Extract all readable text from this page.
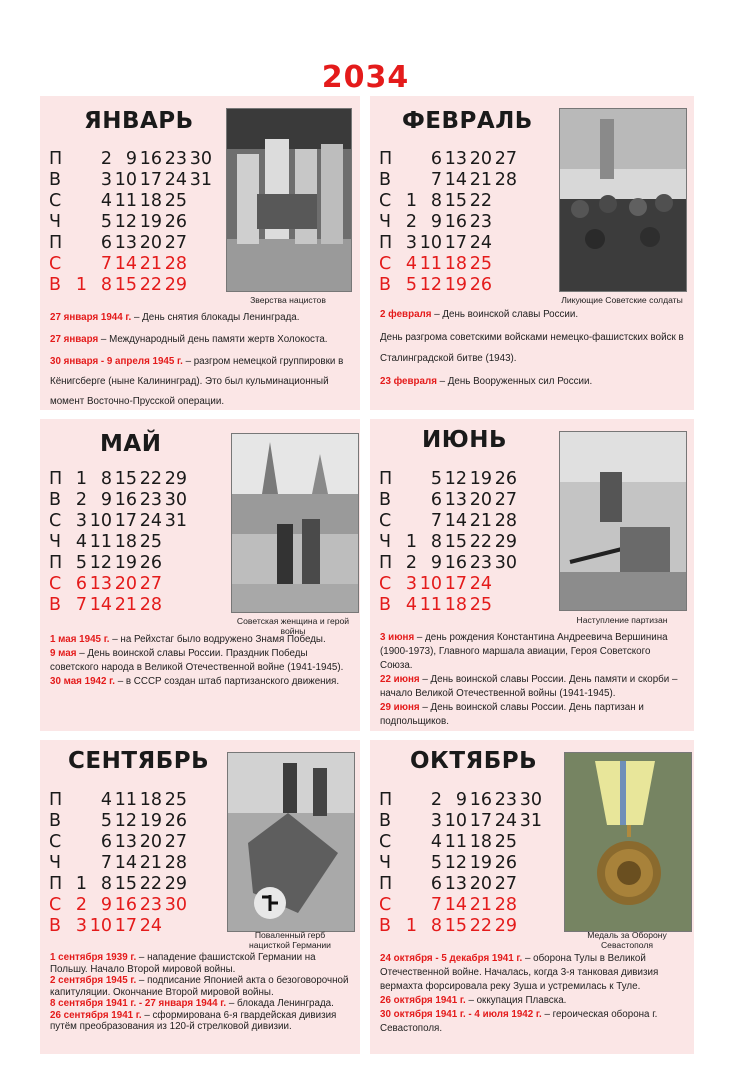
2034
ЯНВАРЬ
П 2 9 16 23 30
В 3 10 17 24 31
С 4 11 18 25
Ч 5 12 19 26
П 6 13 20 27
С 7 14 21 28
В 1 8 15 22 29
Зверства нацистов

27 января 1944 г. – День снятия блокады Ленинграда.

27 января – Международный день памяти жертв Холокоста.

30 января - 9 апреля 1945 г. – разгром немецкой группировки в Кёнигсберге (ныне Калининград). Это был кульминационный момент Восточно-Прусской операции.

ФЕВРАЛЬ
П 6 13 20 27
В 7 14 21 28
С 1 8 15 22
Ч 2 9 16 23
П 3 10 17 24
С 4 11 18 25
В 5 12 19 26
Ликующие Советские солдаты

2 февраля – День воинской славы России.

День разгрома советскими войсками немецко-фашистских войск в Сталинградской битве (1943).

23 февраля – День Вооруженных сил России.

МАЙ
П 1 8 15 22 29
В 2 9 16 23 30
С 3 10 17 24 31
Ч 4 11 18 25
П 5 12 19 26
С 6 13 20 27
В 7 14 21 28
Советская женщина и герой войны

1 мая 1945 г. – на Рейхстаг было водружено Знамя Победы.

9 мая – День воинской славы России. Праздник Победы советского народа в Великой Отечественной войне (1941-1945).

30 мая 1942 г. – в СССР создан штаб партизанского движения.

ИЮНЬ
П 5 12 19 26
В 6 13 20 27
С 7 14 21 28
Ч 1 8 15 22 29
П 2 9 16 23 30
С 3 10 17 24
В 4 11 18 25
Наступление партизан

3 июня – день рождения Константина Андреевича Вершинина (1900-1973), Главного маршала авиации, Героя Советского Союза.

22 июня – День воинской славы России. День памяти и скорби – начало Великой Отечественной войны (1941-1945).

29 июня – День воинской славы России. День партизан и подпольщиков.

СЕНТЯБРЬ
П 4 11 18 25
В 5 12 19 26
С 6 13 20 27
Ч 7 14 21 28
П 1 8 15 22 29
С 2 9 16 23 30
В 3 10 17 24	Поваленный герб нацисткой Германии

1 сентября 1939 г. – нападение фашистской Германии на Польшу. Начало Второй мировой войны.

2 сентября 1945 г. – подписание Японией акта о безоговорочной капитуляции. Окончание Второй мировой войны.

8 сентября 1941 г. - 27 января 1944 г. – блокада Ленинграда.

26 сентября 1941 г. – сформирована 6-я гвардейская дивизия путём преобразования из 120-й стрелковой дивизии.

ОКТЯБРЬ
П 2 9 16 23 30
В 3 10 17 24 31
С 4 11 18 25
Ч 5 12 19 26
П 6 13 20 27
С 7 14 21 28
В 1 8 15 22 29	Медаль за Оборону Севастополя

24 октября - 5 декабря 1941 г. – оборона Тулы в Великой Отечественной войне. Началась, когда 3-я танковая дивизия вермахта форсировала реку Зуша и устремилась к Туле.

26 октября 1941 г. – оккупация Плавска.

30 октября 1941 г. - 4 июля 1942 г. – героическая оборона г. Севастополя.
